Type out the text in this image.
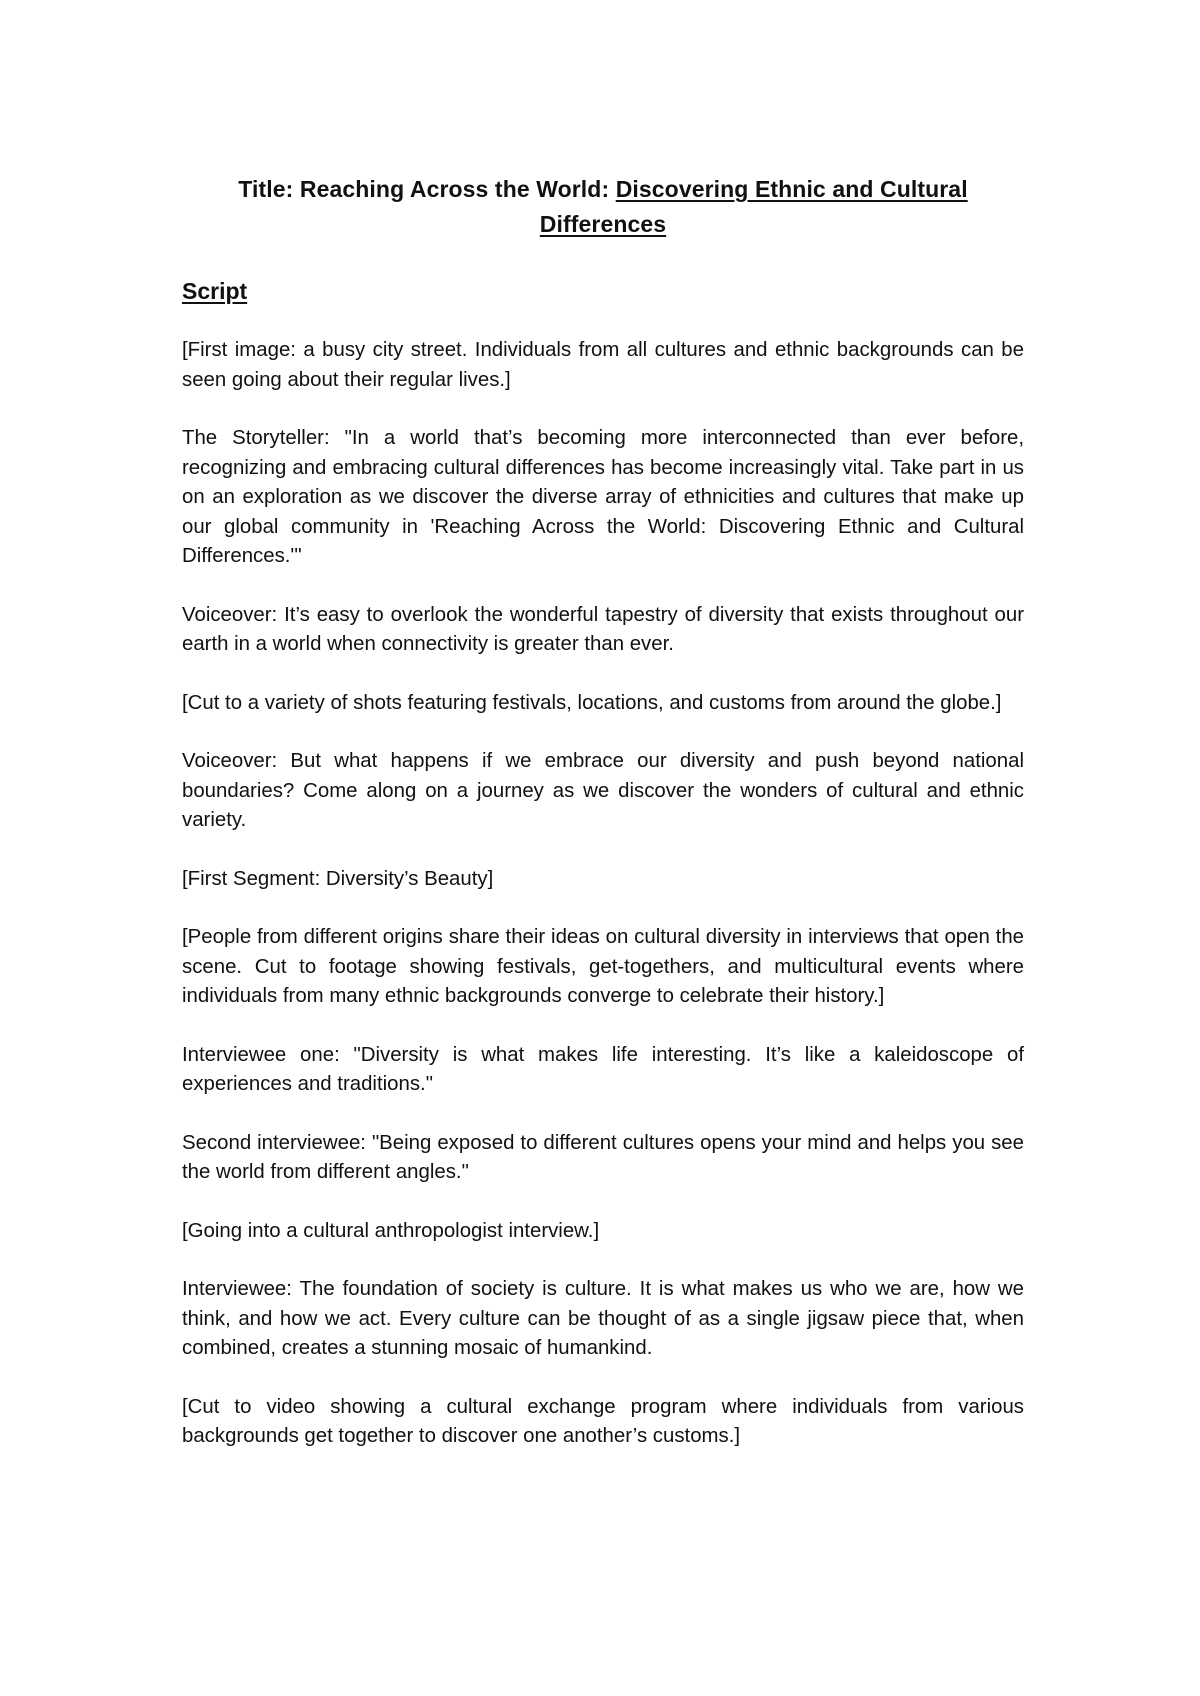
Title: Reaching Across the World: Discovering Ethnic and Cultural Differences
Script

[First image: a busy city street. Individuals from all cultures and ethnic backgrounds can be seen going about their regular lives.]

The Storyteller: "In a world that’s becoming more interconnected than ever before, recognizing and embracing cultural differences has become increasingly vital. Take part in us on an exploration as we discover the diverse array of ethnicities and cultures that make up our global community in 'Reaching Across the World: Discovering Ethnic and Cultural Differences.'"

Voiceover: It’s easy to overlook the wonderful tapestry of diversity that exists throughout our earth in a world when connectivity is greater than ever.

[Cut to a variety of shots featuring festivals, locations, and customs from around the globe.]

Voiceover: But what happens if we embrace our diversity and push beyond national boundaries? Come along on a journey as we discover the wonders of cultural and ethnic variety.

[First Segment: Diversity’s Beauty]

[People from different origins share their ideas on cultural diversity in interviews that open the scene. Cut to footage showing festivals, get-togethers, and multicultural events where individuals from many ethnic backgrounds converge to celebrate their history.]

Interviewee one: "Diversity is what makes life interesting. It’s like a kaleidoscope of experiences and traditions."

Second interviewee: "Being exposed to different cultures opens your mind and helps you see the world from different angles."

[Going into a cultural anthropologist interview.]

Interviewee: The foundation of society is culture. It is what makes us who we are, how we think, and how we act. Every culture can be thought of as a single jigsaw piece that, when combined, creates a stunning mosaic of humankind.

[Cut to video showing a cultural exchange program where individuals from various backgrounds get together to discover one another’s customs.]
